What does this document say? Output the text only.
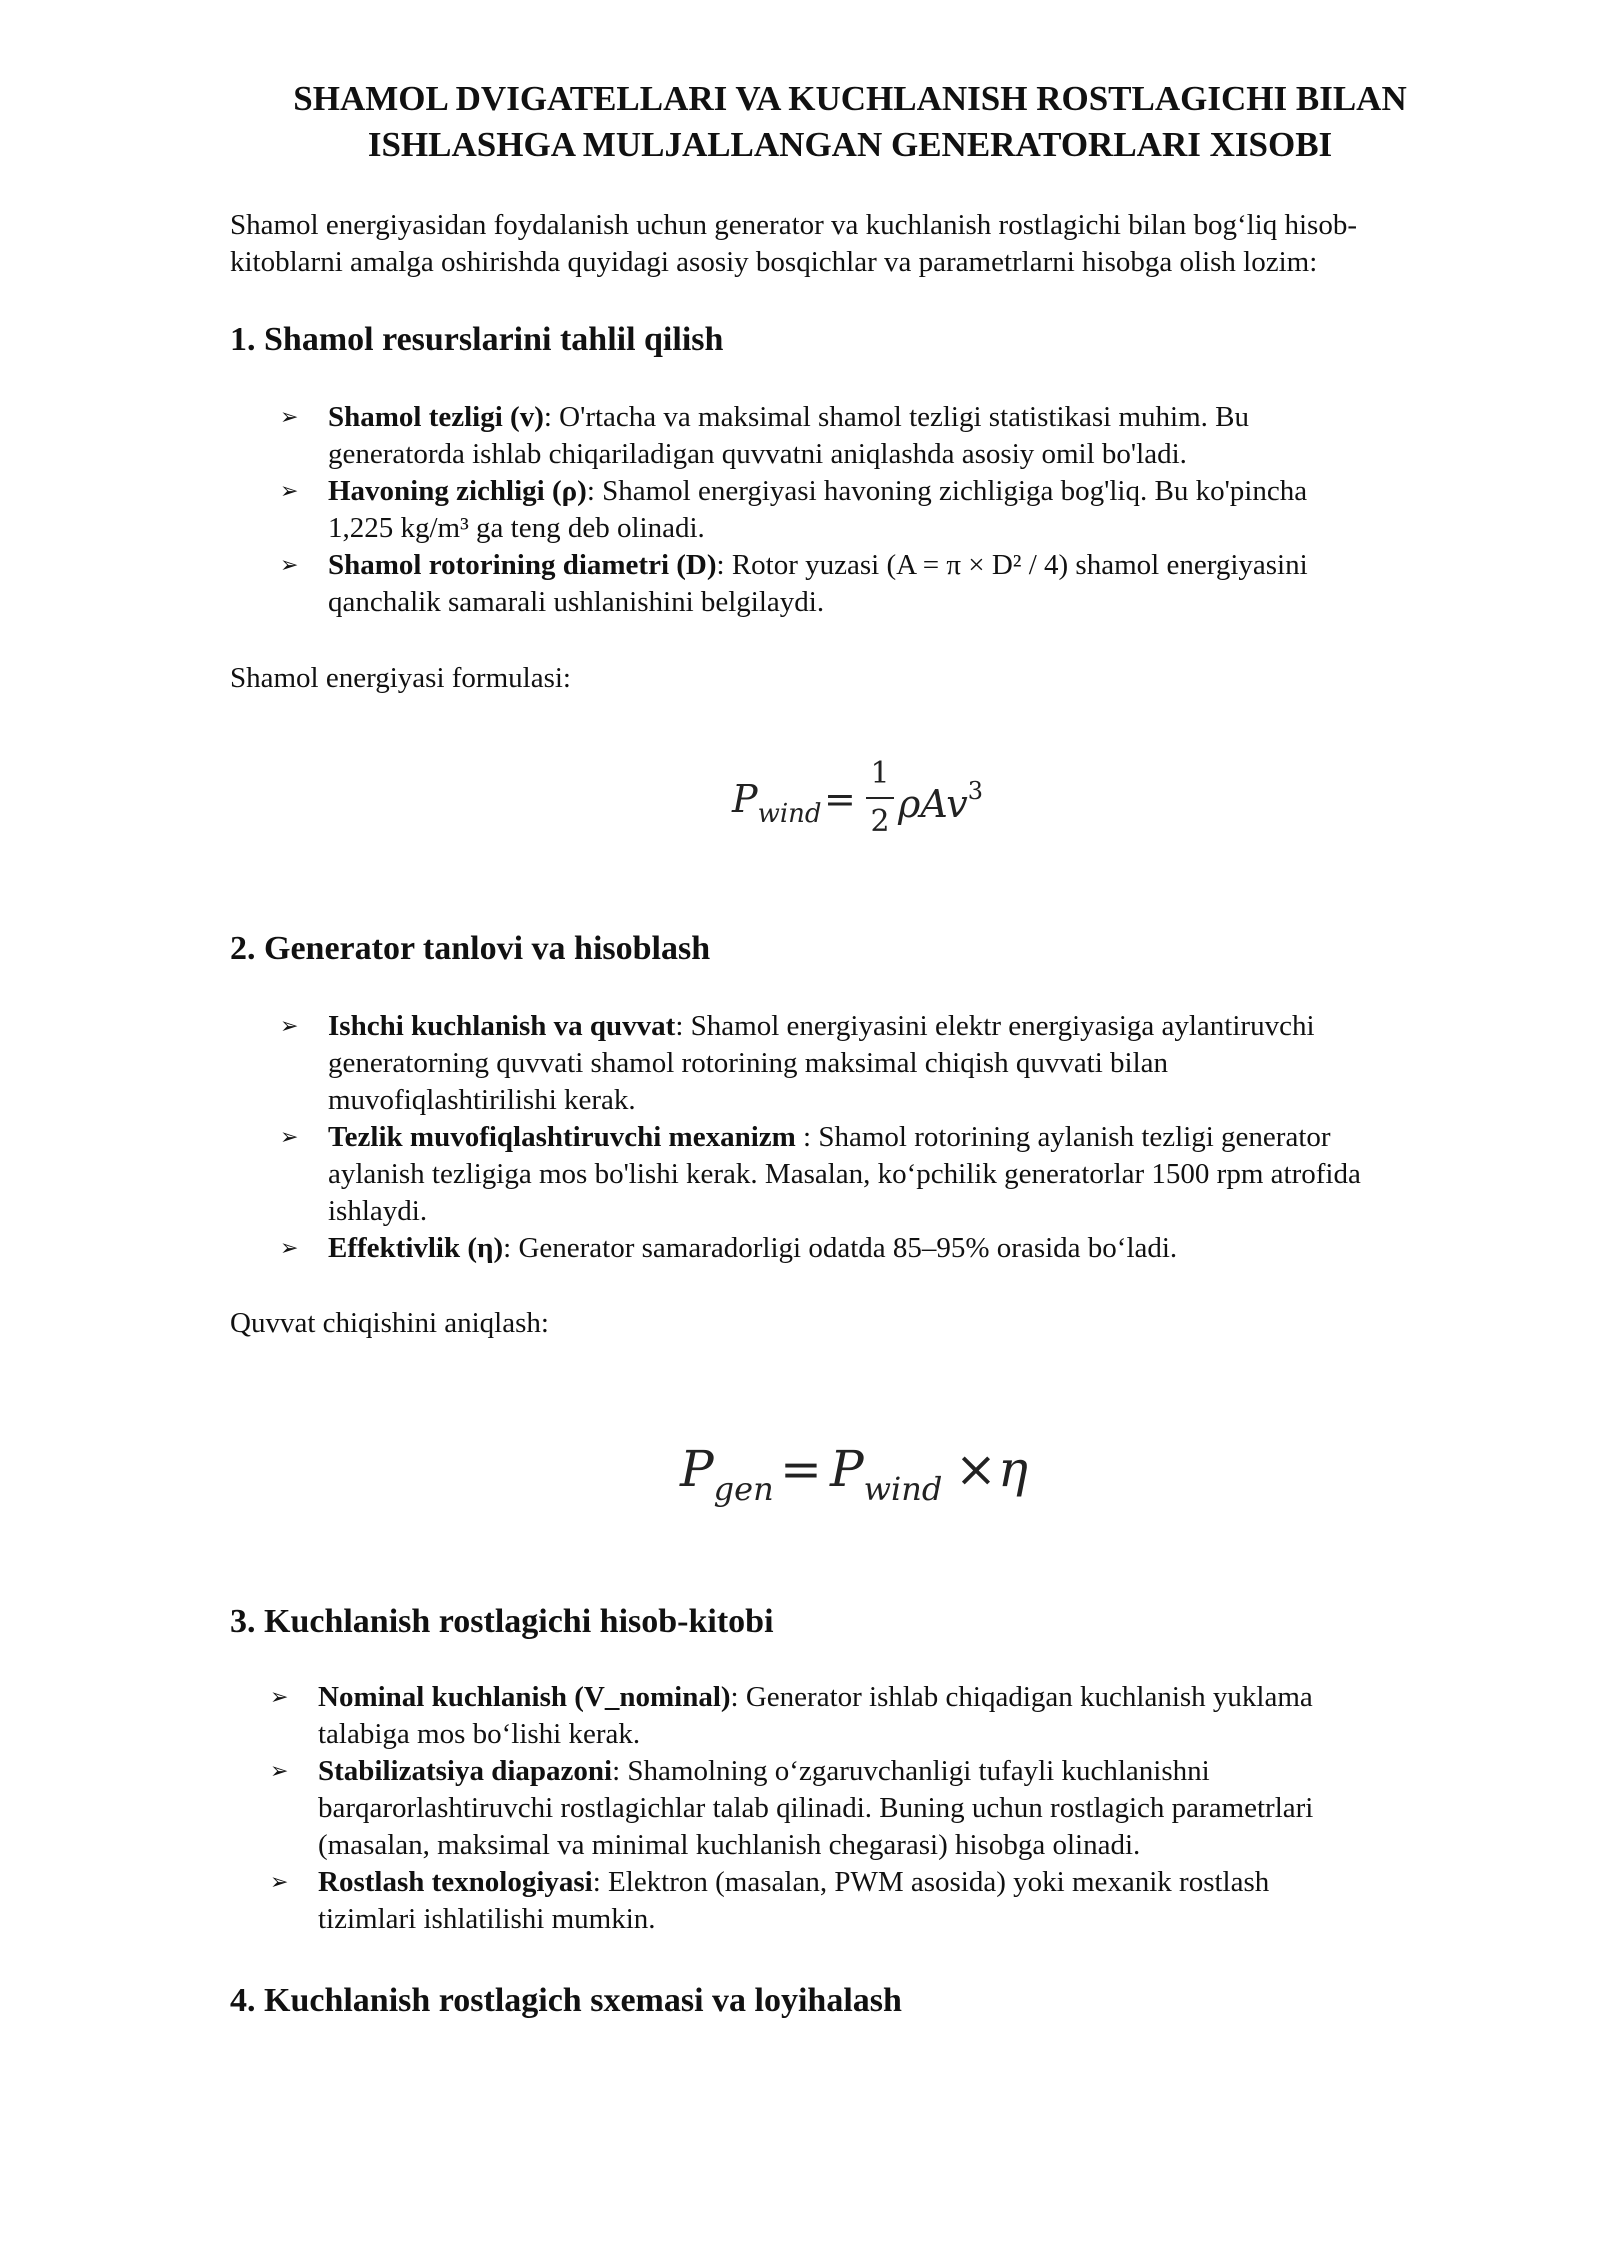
SHAMOL DVIGATELLARI VA KUCHLANISH ROSTLAGICHI BILAN
ISHLASHGA MULJALLANGAN GENERATORLARI XISOBI
Shamol energiyasidan foydalanish uchun generator va kuchlanish rostlagichi bilan bog‘liq hisob-
kitoblarni amalga oshirishda quyidagi asosiy bosqichlar va parametrlarni hisobga olish lozim:
1. Shamol resurslarini tahlil qilish
➢ Shamol tezligi (v): O'rtacha va maksimal shamol tezligi statistikasi muhim. Bu
generatorda ishlab chiqariladigan quvvatni aniqlashda asosiy omil bo'ladi.
➢ Havoning zichligi (ρ): Shamol energiyasi havoning zichligiga bog'liq. Bu ko'pincha
1,225 kg/m³ ga teng deb olinadi.
➢ Shamol rotorining diametri (D): Rotor yuzasi (A = π × D² / 4) shamol energiyasini
qanchalik samarali ushlanishini belgilaydi.
Shamol energiyasi formulasi:
$P_{wind}$ =
1
2 ρAv$^3$
2. Generator tanlovi va hisoblash
➢ Ishchi kuchlanish va quvvat: Shamol energiyasini elektr energiyasiga aylantiruvchi
generatorning quvvati shamol rotorining maksimal chiqish quvvati bilan
muvofiqlashtirilishi kerak.
➢ Tezlik muvofiqlashtiruvchi mexanizm : Shamol rotorining aylanish tezligi generator
aylanish tezligiga mos bo'lishi kerak. Masalan, ko‘pchilik generatorlar 1500 rpm atrofida
ishlaydi.
➢ Effektivlik (η): Generator samaradorligi odatda 85–95% orasida bo‘ladi.
Quvvat chiqishini aniqlash:
$P_{gen} = P_{wind} \times \eta$
3. Kuchlanish rostlagichi hisob-kitobi
➢ Nominal kuchlanish (V_nominal): Generator ishlab chiqadigan kuchlanish yuklama
talabiga mos bo‘lishi kerak.
➢ Stabilizatsiya diapazoni: Shamolning o‘zgaruvchanligi tufayli kuchlanishni
barqarorlashtiruvchi rostlagichlar talab qilinadi. Buning uchun rostlagich parametrlari
(masalan, maksimal va minimal kuchlanish chegarasi) hisobga olinadi.
➢ Rostlash texnologiyasi: Elektron (masalan, PWM asosida) yoki mexanik rostlash
tizimlari ishlatilishi mumkin.
4. Kuchlanish rostlagich sxemasi va loyihalash
